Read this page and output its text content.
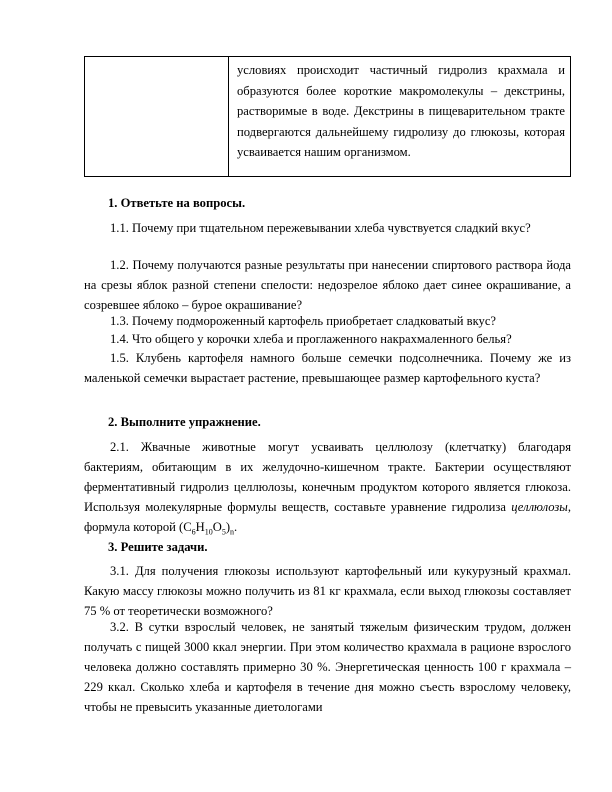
условиях происходит частичный гидролиз крахмала и образуются более короткие макромолекулы – декстрины, растворимые в воде. Декстрины в пищеварительном тракте подвергаются дальнейшему гидролизу до глюкозы, которая усваивается нашим организмом.
1. Ответьте на вопросы.
1.1. Почему при тщательном пережевывании хлеба чувствуется сладкий вкус?
1.2. Почему получаются разные результаты при нанесении спиртового раствора йода на срезы яблок разной степени спелости: недозрелое яблоко дает синее окрашивание, а созревшее яблоко – бурое окрашивание?
1.3. Почему подмороженный картофель приобретает сладковатый вкус?
1.4. Что общего у корочки хлеба и проглаженного накрахмаленного белья?
1.5. Клубень картофеля намного больше семечки подсолнечника. Почему же из маленькой семечки вырастает растение, превышающее размер картофельного куста?
2. Выполните упражнение.
2.1. Жвачные животные могут усваивать целлюлозу (клетчатку) благодаря бактериям, обитающим в их желудочно-кишечном тракте. Бактерии осуществляют ферментативный гидролиз целлюлозы, конечным продуктом которого является глюкоза. Используя молекулярные формулы веществ, составьте уравнение гидролиза целлюлозы, формула которой $(C_6H_{10}O_5)_n$.
3. Решите задачи.
3.1. Для получения глюкозы используют картофельный или кукурузный крахмал. Какую массу глюкозы можно получить из 81 кг крахмала, если выход глюкозы составляет 75 % от теоретически возможного?
3.2. В сутки взрослый человек, не занятый тяжелым физическим трудом, должен получать с пищей 3000 ккал энергии. При этом количество крахмала в рационе взрослого человека должно составлять примерно 30 %. Энергетическая ценность 100 г крахмала – 229 ккал. Сколько хлеба и картофеля в течение дня можно съесть взрослому человеку, чтобы не превысить указанные диетологами
